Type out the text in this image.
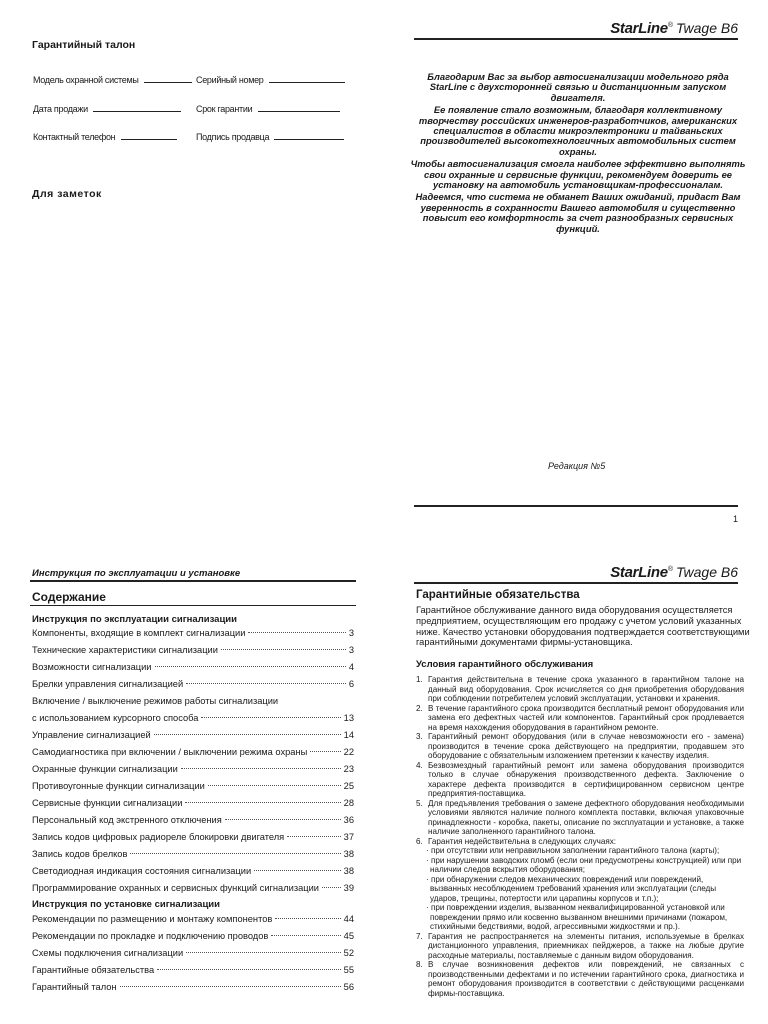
Гарантийный талон
Модель охранной системы	Серийный номер
Дата продажи	Срок гарантии
Контактный телефон	Подпись продавца
Для заметок
StarLine® Twage B6

Благодарим Вас за выбор автосигнализации модельного ряда StarLine с двухсторонней связью и дистанционным запуском двигателя.

Ее появление стало возможным, благодаря коллективному творчеству российских инженеров-разработчиков, американских специалистов в области микроэлектроники и тайваньских производителей высокотехнологичных автомобильных систем охраны.

Чтобы автосигнализация смогла наиболее эффективно выполнять свои охранные и сервисные функции, рекомендуем доверить ее установку на автомобиль установщикам-профессионалам.

Надеемся, что система не обманет Ваших ожиданий, придаст Вам уверенность в сохранности Вашего автомобиля и существенно повысит его комфортность за счет разнообразных сервисных функций.

Редакция №5
1
Инструкция по эксплуатации и установке
Содержание
Инструкция по эксплуатации сигнализации
Компоненты, входящие в комплект сигнализации	3
Технические характеристики сигнализации	3
Возможности сигнализации	4
Брелки управления сигнализацией	6
Включение / выключение режимов работы сигнализации
с использованием курсорного способа	13
Управление сигнализацией	14
Самодиагностика при включении / выключении режима охраны	22
Охранные функции сигнализации	23
Противоугонные функции сигнализации	25
Сервисные функции сигнализации	28
Персональный код экстренного отключения	36
Запись кодов цифровых радиореле блокировки двигателя	37
Запись кодов брелков	38
Светодиодная индикация состояния сигнализации	38
Программирование охранных и сервисных функций сигнализации	39
Инструкция по установке сигнализации
Рекомендации по размещению и монтажу компонентов	44
Рекомендации по прокладке и подключению проводов	45
Схемы подключения сигнализации	52
Гарантийные обязательства	55
Гарантийный талон	56
StarLine® Twage B6
Гарантийные обязательства
Гарантийное обслуживание данного вида оборудования осуществляется предприятием, осуществляющим его продажу с учетом условий указанных ниже. Качество установки оборудования подтверждается соответствующими гарантийными документами фирмы-установщика.
Условия гарантийного обслуживания
1. Гарантия действительна в течение срока указанного в гарантийном талоне на данный вид оборудования. Срок исчисляется со дня приобретения оборудования при соблюдении потребителем условий эксплуатации, установки и хранения.
2. В течение гарантийного срока производится бесплатный ремонт оборудования или замена его дефектных частей или компонентов. Гарантийный срок продлевается на время нахождения оборудования в гарантийном ремонте.
3. Гарантийный ремонт оборудования (или в случае невозможности его - замена) производится в течение срока действующего на предприятии, продавшем это оборудование с обязательным изложением претензии к качеству изделия.
4. Безвозмездный гарантийный ремонт или замена оборудования производится только в случае обнаружения производственного дефекта. Заключение о характере дефекта производится в сертифицированном сервисном центре предприятия-поставщика.
5. Для предъявления требования о замене дефектного оборудования необходимыми условиями являются наличие полного комплекта поставки, включая упаковочные принадлежности - коробка, пакеты, описание по эксплуатации и установке, а также наличие заполненного гарантийного талона.
6. Гарантия недействительна в следующих случаях:
· при отсутствии или неправильном заполнении гарантийного талона (карты);
· при нарушении заводских пломб (если они предусмотрены конструкцией) или при наличии следов вскрытия оборудования;
· при обнаружении следов механических повреждений или повреждений, вызванных несоблюдением требований хранения или эксплуатации (следы ударов, трещины, потертости или царапины корпусов и т.п.);
· при повреждении изделия, вызванном неквалифицированной установкой или повреждении прямо или косвенно вызванном внешними причинами (пожаром, стихийными бедствиями, водой, агрессивными жидкостями и пр.).
7. Гарантия не распространяется на элементы питания, используемые в брелках дистанционного управления, приемниках пейджеров, а также на любые другие расходные материалы, поставляемые с данным видом оборудования.
8. В случае возникновения дефектов или повреждений, не связанных с производственными дефектами и по истечении гарантийного срока, диагностика и ремонт оборудования производится в соответствии с действующими расценками фирмы-поставщика.
